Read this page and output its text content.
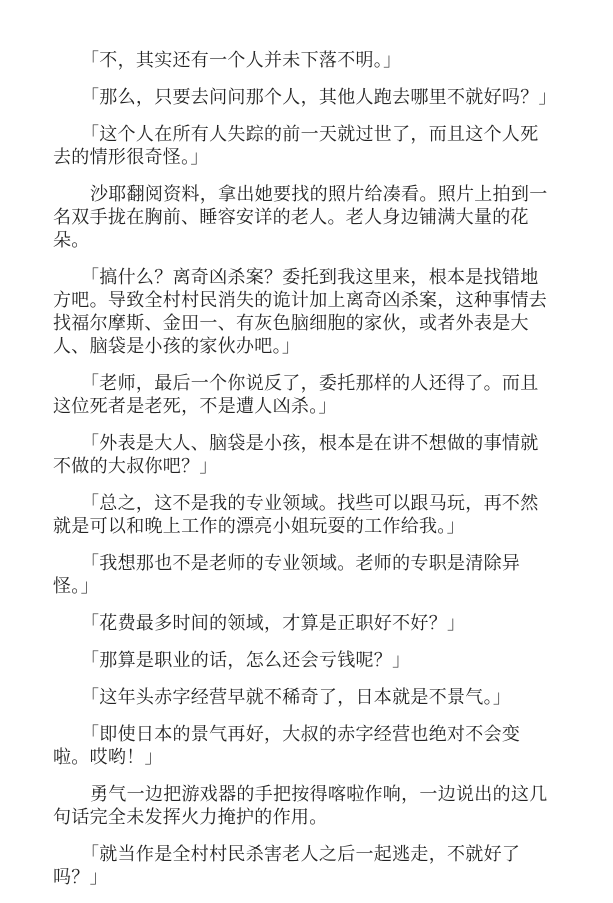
「不，其实还有一个人并未下落不明。」

「那么，只要去问问那个人，其他人跑去哪里不就好吗？」

「这个人在所有人失踪的前一天就过世了，而且这个人死去的情形很奇怪。」

沙耶翻阅资料，拿出她要找的照片给凑看。照片上拍到一名双手拢在胸前、睡容安详的老人。老人身边铺满大量的花朵。

「搞什么？离奇凶杀案？委托到我这里来，根本是找错地方吧。导致全村村民消失的诡计加上离奇凶杀案，这种事情去找福尔摩斯、金田一、有灰色脑细胞的家伙，或者外表是大人、脑袋是小孩的家伙办吧。」

「老师，最后一个你说反了，委托那样的人还得了。而且这位死者是老死，不是遭人凶杀。」

「外表是大人、脑袋是小孩，根本是在讲不想做的事情就不做的大叔你吧？」

「总之，这不是我的专业领域。找些可以跟马玩，再不然就是可以和晚上工作的漂亮小姐玩耍的工作给我。」

「我想那也不是老师的专业领域。老师的专职是清除异怪。」

「花费最多时间的领域，才算是正职好不好？」

「那算是职业的话，怎么还会亏钱呢？」

「这年头赤字经营早就不稀奇了，日本就是不景气。」

「即使日本的景气再好，大叔的赤字经营也绝对不会变啦。哎哟！」

勇气一边把游戏器的手把按得喀啦作响，一边说出的这几句话完全未发挥火力掩护的作用。

「就当作是全村村民杀害老人之后一起逃走，不就好了吗？」
